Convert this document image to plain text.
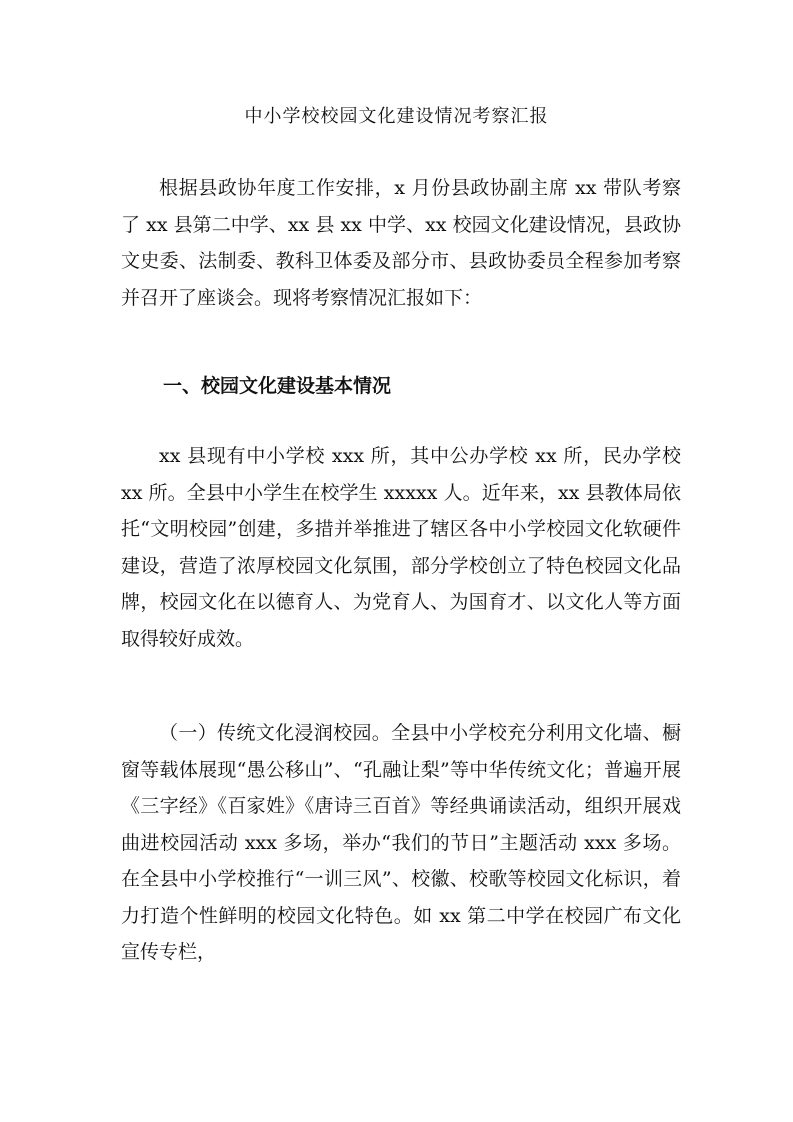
中小学校校园文化建设情况考察汇报

根据县政协年度工作安排，x 月份县政协副主席 xx 带队考察了 xx 县第二中学、xx 县 xx 中学、xx 校园文化建设情况，县政协文史委、法制委、教科卫体委及部分市、县政协委员全程参加考察并召开了座谈会。现将考察情况汇报如下：

一、校园文化建设基本情况

xx 县现有中小学校 xxx 所，其中公办学校 xx 所，民办学校 xx 所。全县中小学生在校学生 xxxxx 人。近年来，xx 县教体局依托“文明校园”创建，多措并举推进了辖区各中小学校园文化软硬件建设，营造了浓厚校园文化氛围，部分学校创立了特色校园文化品牌，校园文化在以德育人、为党育人、为国育才、以文化人等方面取得较好成效。

（一）传统文化浸润校园。全县中小学校充分利用文化墙、橱窗等载体展现“愚公移山”、“孔融让梨”等中华传统文化；普遍开展《三字经》《百家姓》《唐诗三百首》等经典诵读活动，组织开展戏曲进校园活动 xxx 多场，举办“我们的节日”主题活动 xxx 多场。在全县中小学校推行“一训三风”、校徽、校歌等校园文化标识，着力打造个性鲜明的校园文化特色。如 xx 第二中学在校园广布文化宣传专栏，
